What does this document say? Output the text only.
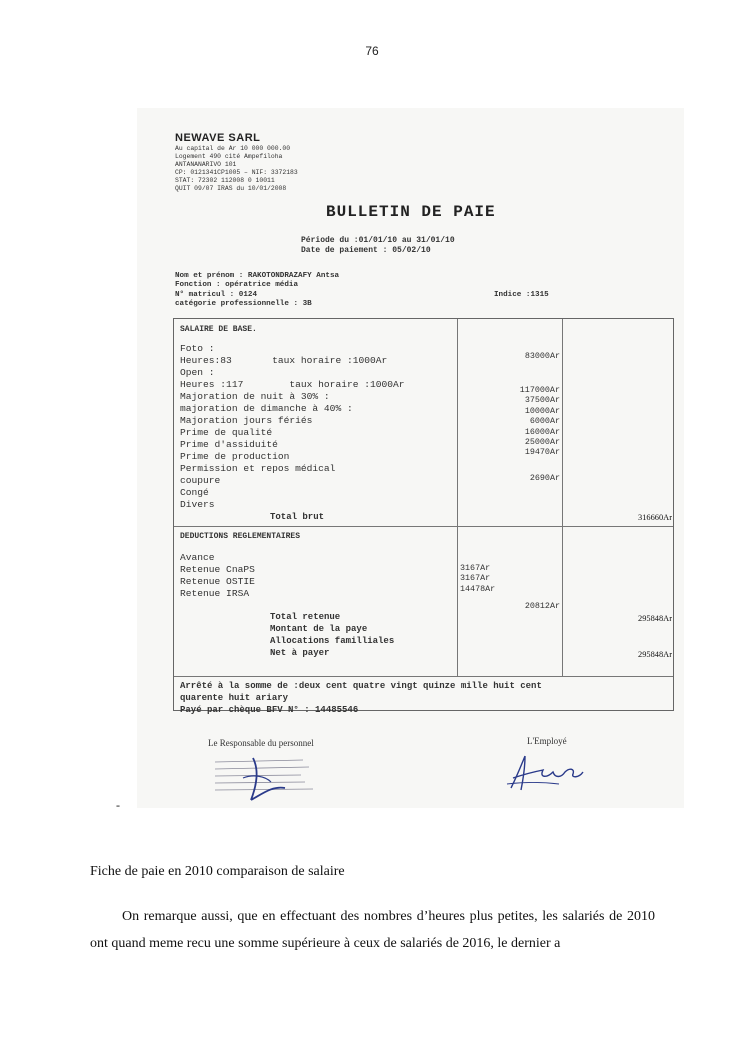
76
NEWAVE SARL
Au capital de Ar 10 000 000.00
Logement 490 cité Ampefiloha
ANTANANARIVO 101
CP: 0121341CP1005 – NIF: 3372183
STAT: 72302 112008 0 10011
QUIT 09/07 IRAS du 10/01/2008
BULLETIN DE PAIE
Période du :01/01/10 au 31/01/10
Date de paiement : 05/02/10
Nom et prénom : RAKOTONDRAZAFY Antsa
Fonction : opératrice média
N° matricul : 0124
catégorie professionnelle : 3B
Indice :1315
SALAIRE DE BASE.
Foto :
Heures:83       taux horaire :1000Ar
Open :
Heures :117        taux horaire :1000Ar
Majoration de nuit à 30% :
majoration de dimanche à 40% :
Majoration jours fériés
Prime de qualité
Prime d'assiduité
Prime de production
Permission et repos médical
coupure
Congé
Divers
83000Ar
117000Ar
37500Ar
10000Ar
6000Ar
16000Ar
25000Ar
19470Ar
2690Ar
Total brut	316660Ar
DEDUCTIONS REGLEMENTAIRES
Avance
Retenue CnaPS
Retenue OSTIE
Retenue IRSA
3167Ar
3167Ar
14478Ar
20812Ar
Total retenue
Montant de la paye
Allocations familliales
Net à payer
295848Ar
295848Ar
Arrêté à la somme de :deux cent quatre vingt quinze mille huit cent
quarente huit ariary
Payé par chèque BFV N° : 14485546
Le Responsable du personnel	L'Employé
-
Fiche de paie en 2010 comparaison de salaire
On remarque aussi, que en effectuant des nombres d’heures plus petites, les salariés de 2010 ont quand meme recu une somme supérieure à ceux de salariés de 2016, le dernier a
